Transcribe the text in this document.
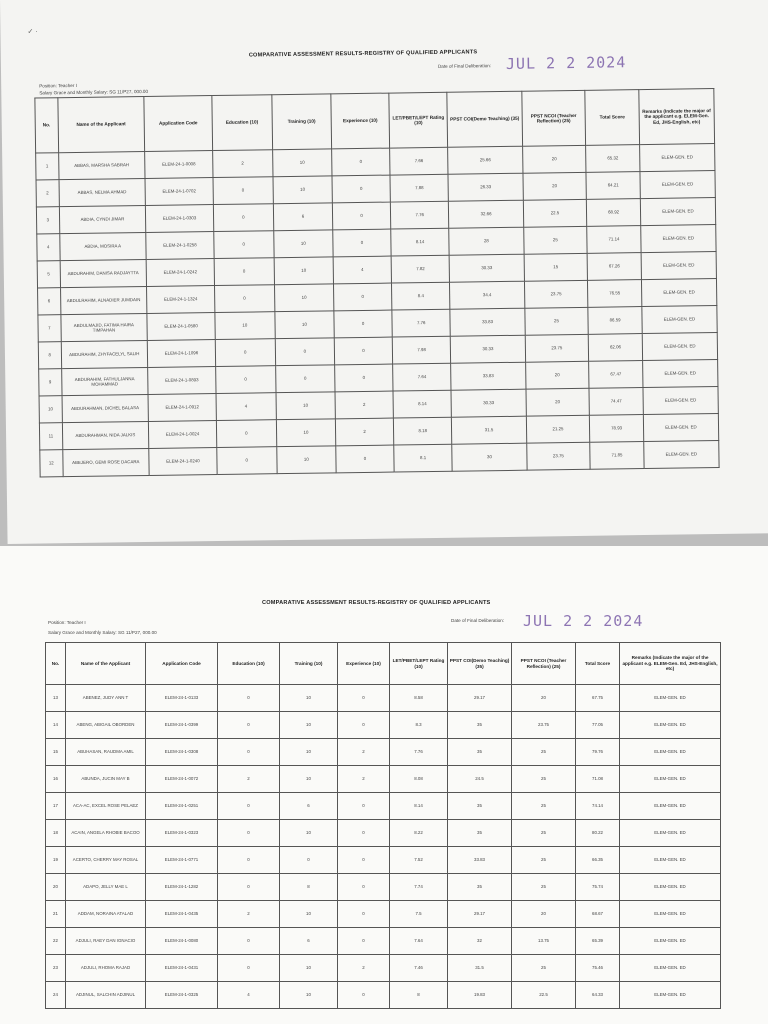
✓ ·
COMPARATIVE ASSESSMENT RESULTS-REGISTRY OF QUALIFIED APPLICANTS
Date of Final Deliberation: JUL 2 2 2024
Position: Teacher I
Salary Grace and Monthly Salary: SG 11/P27, 000.00
No.	Name of the Applicant	Application Code	Education (10)	Training (10)	Experience (10)	LET/PBET/LEPT Rating (10)	PPST COI(Demo Teaching) (35)	PPST NCOI (Teacher Reflection) (25)	Total Score	Remarks (Indicate the major of the applicant e.g. ELEM-Gen. Ed, JHS-English, etc)
1	ABBAS, MARSHA SABRAH	ELEM-24-1-0008	2	10	0	7.66	25.66	20	65.32	ELEM-GEN. ED
2	ABBAS, NELMA AHMAD	ELEM-24-1-0702	0	10	0	7.88	26.33	20	64.21	ELEM-GEN. ED
3	ABDIA, CYNDI JIMAR	ELEM-24-1-0303	0	6	0	7.76	32.66	22.5	68.92	ELEM-GEN. ED
4	ABDIA, MOSIRA A	ELEM-24-1-0258	0	10	0	8.14	28	25	71.14	ELEM-GEN. ED
5	ABDURAHIM, DANISA RADJAYTTA	ELEM-24-1-0242	0	10	4	7.82	30.33	15	67.26	ELEM-GEN. ED
6	ABDULRAHIM, ALNADIER JUMDAIN	ELEM-24-1-1324	0	10	0	8.4	34.4	23.75	76.55	ELEM-GEN. ED
7	ABDULMAJID, FATIMA HAIRA TIMPAHAN	ELEM-24-1-0580	10	10	0	7.76	33.83	25	86.59	ELEM-GEN. ED
8	ABDURAHIM, ZHYFACELYL SALIH	ELEM-24-1-1096	0	0	0	7.98	30.33	23.75	62.06	ELEM-GEN. ED
9	ABDURAHIM, FATHULJANNA MOHAMMAD	ELEM-24-1-0893	0	0	0	7.64	33.83	20	67.47	ELEM-GEN. ED
10	ABDURAHMAN, DICHEL BALASA	ELEM-24-1-0912	4	10	2	8.14	30.33	20	74.47	ELEM-GEN. ED
11	ABDURAHMAN, NIDA JALKIS	ELEM-24-1-0024	0	10	2	8.18	31.5	21.25	78.93	ELEM-GEN. ED
12	ABEJERO, GEMI ROSE DACARA	ELEM-24-1-0240	0	10	0	8.1	30	23.75	71.85	ELEM-GEN. ED
COMPARATIVE ASSESSMENT RESULTS-REGISTRY OF QUALIFIED APPLICANTS
Date of Final Deliberation: JUL 2 2 2024
Position: Teacher I
Salary Grace and Monthly Salary: SG 11/P27, 000.00
No.	Name of the Applicant	Application Code	Education (10)	Training (10)	Experience (10)	LET/PBET/LEPT Rating (10)	PPST COI(Demo Teaching) (35)	PPST NCOI (Teacher Reflection) (25)	Total Score	Remarks (Indicate the major of the applicant e.g. ELEM-Gen. Ed, JHS-English, etc)
13	ABENEZ, JUDY ANN T	ELEM-24-1-0133	0	10	0	8.58	29.17	20	67.75	ELEM-GEN. ED
14	ABENG, ABIGAIL OBORDEN	ELEM-24-1-0399	0	10	0	8.3	35	23.75	77.05	ELEM-GEN. ED
15	ABUHASAN, RAUDMA AMIL	ELEM-24-1-0308	0	10	2	7.76	35	25	79.76	ELEM-GEN. ED
16	ABUNDA, JUCIN MAY B	ELEM-24-1-0072	2	10	2	8.08	24.5	25	71.08	ELEM-GEN. ED
17	ACA-AC, EXCEL ROSE PELAEZ	ELEM-24-1-0251	0	6	0	8.14	35	25	74.14	ELEM-GEN. ED
18	ACAIN, ANGELA RHOBIE BACOO	ELEM-24-1-0323	0	10	0	8.22	35	25	80.22	ELEM-GEN. ED
19	ACERTO, CHERRY MAY ROSAL	ELEM-24-1-0771	0	0	0	7.52	33.83	25	66.35	ELEM-GEN. ED
20	ADAPO, JELLY MAE L	ELEM-24-1-1282	0	8	0	7.74	35	25	75.74	ELEM-GEN. ED
21	ADDAM, NORAINA ATALAD	ELEM-24-1-0435	2	10	0	7.5	29.17	20	68.67	ELEM-GEN. ED
22	ADJULI, RAEY DAN IGNACIO	ELEM-24-1-0080	0	6	0	7.64	32	13.75	65.39	ELEM-GEN. ED
23	ADJULI, RHOMA RAJAD	ELEM-24-1-0431	0	10	2	7.46	31.5	25	75.46	ELEM-GEN. ED
24	ADJINUL, SALCHIN ADJINUL	ELEM-24-1-0325	4	10	0	8	19.83	22.5	64.33	ELEM-GEN. ED
